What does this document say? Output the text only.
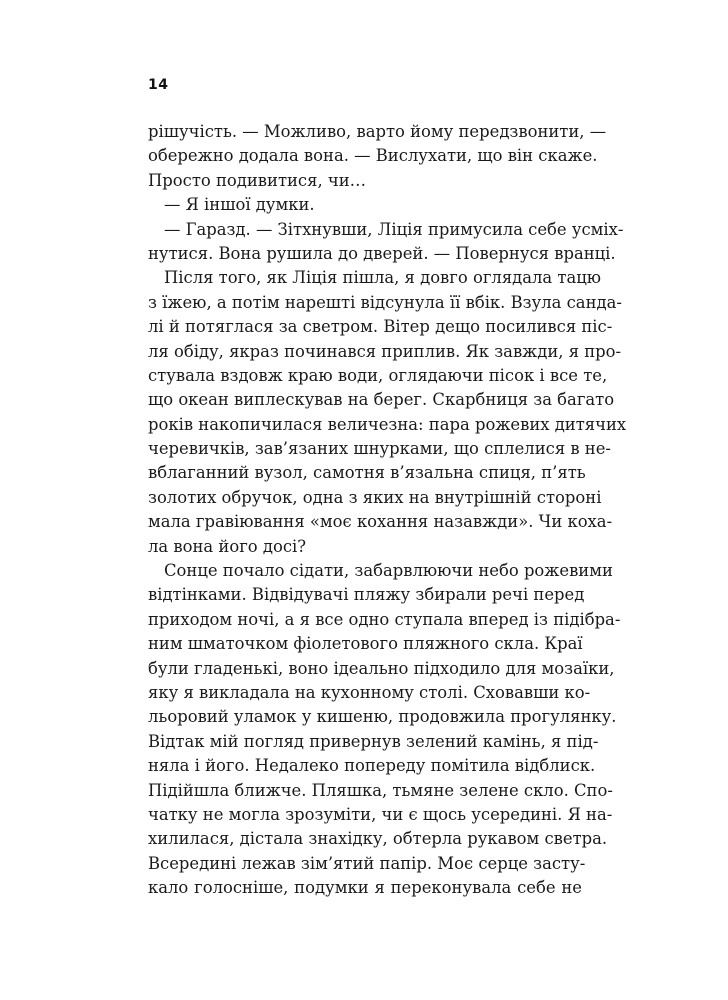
14
рішучість. — Можливо, варто йому передзвонити, —
обережно додала вона. — Вислухати, що він скаже.
Просто подивитися, чи…
— Я іншої думки.
— Гаразд. — Зітхнувши, Ліція примусила себе усміх-
нутися. Вона рушила до дверей. — Повернуся вранці.
Після того, як Ліція пішла, я довго оглядала тацю
з їжею, а потім нарешті відсунула її вбік. Взула санда-
лі й потяглася за светром. Вітер дещо посилився піс-
ля обіду, якраз починався приплив. Як завжди, я про-
стувала вздовж краю води, оглядаючи пісок і все те,
що океан виплескував на берег. Скарбниця за багато
років накопичилася величезна: пара рожевих дитячих
черевичків, зав’язаних шнурками, що сплелися в не-
вблаганний вузол, самотня в’язальна спиця, п’ять
золотих обручок, одна з яких на внутрішній стороні
мала гравіювання «моє кохання назавжди». Чи коха-
ла вона його досі?
Сонце почало сідати, забарвлюючи небо рожевими
відтінками. Відвідувачі пляжу збирали речі перед
приходом ночі, а я все одно ступала вперед із підібра-
ним шматочком фіолетового пляжного скла. Краї
були гладенькі, воно ідеально підходило для мозаїки,
яку я викладала на кухонному столі. Сховавши ко-
льоровий уламок у кишеню, продовжила прогулянку.
Відтак мій погляд привернув зелений камінь, я під-
няла і його. Недалеко попереду помітила відблиск.
Підійшла ближче. Пляшка, тьмяне зелене скло. Спо-
чатку не могла зрозуміти, чи є щось усередині. Я на-
хилилася, дістала знахідку, обтерла рукавом светра.
Всередині лежав зім’ятий папір. Моє серце засту-
кало голосніше, подумки я переконувала себе не
